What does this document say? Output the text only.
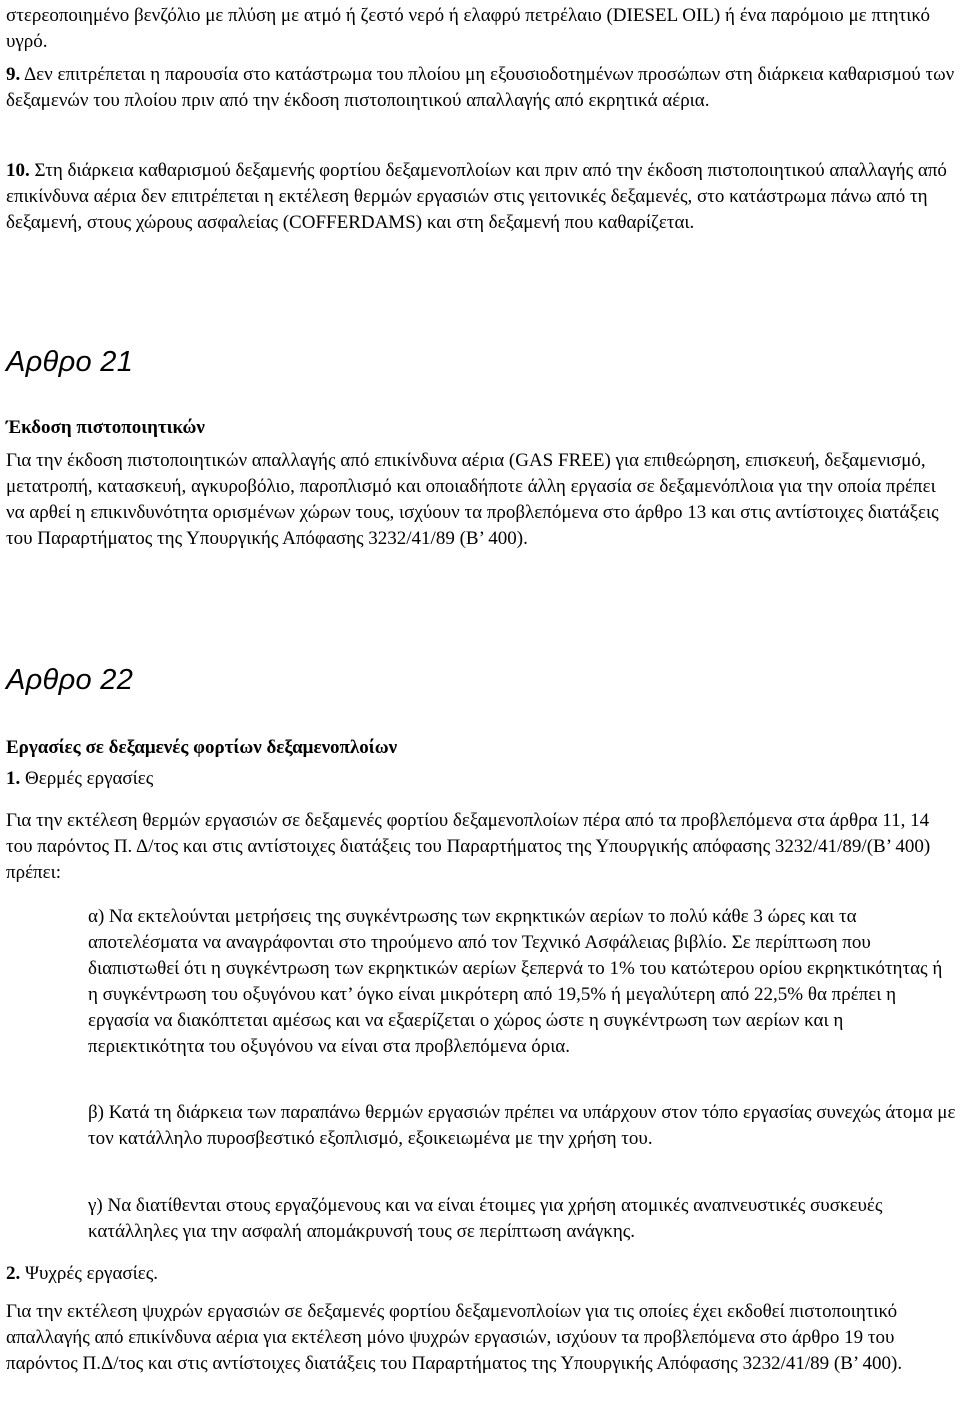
στερεοποιημένο βενζόλιο με πλύση με ατμό ή ζεστό νερό ή ελαφρύ πετρέλαιο (DIESEL OIL) ή ένα παρόμοιο με πτητικό υγρό.

9. Δεν επιτρέπεται η παρουσία στο κατάστρωμα του πλοίου μη εξουσιοδοτημένων προσώπων στη διάρκεια καθαρισμού των δεξαμενών του πλοίου πριν από την έκδοση πιστοποιητικού απαλλαγής από εκρητικά αέρια.

10. Στη διάρκεια καθαρισμού δεξαμενής φορτίου δεξαμενοπλοίων και πριν από την έκδοση πιστοποιητικού απαλλαγής από επικίνδυνα αέρια δεν επιτρέπεται η εκτέλεση θερμών εργασιών στις γειτονικές δεξαμενές, στο κατάστρωμα πάνω από τη δεξαμενή, στους χώρους ασφαλείας (COFFERDAMS) και στη δεξαμενή που καθαρίζεται.

Αρθρο 21

Έκδοση πιστοποιητικών

Για την έκδοση πιστοποιητικών απαλλαγής από επικίνδυνα αέρια (GAS FREE) για επιθεώρηση, επισκευή, δεξαμενισμό, μετατροπή, κατασκευή, αγκυροβόλιο, παροπλισμό και οποιαδήποτε άλλη εργασία σε δεξαμενόπλοια για την οποία πρέπει να αρθεί η επικινδυνότητα ορισμένων χώρων τους, ισχύουν τα προβλεπόμενα στο άρθρο 13 και στις αντίστοιχες διατάξεις του Παραρτήματος της Υπουργικής Απόφασης 3232/41/89 (Β’ 400).

Αρθρο 22

Εργασίες σε δεξαμενές φορτίων δεξαμενοπλοίων

1. Θερμές εργασίες

Για την εκτέλεση θερμών εργασιών σε δεξαμενές φορτίου δεξαμενοπλοίων πέρα από τα προβλεπόμενα στα άρθρα 11, 14 του παρόντος Π. Δ/τος και στις αντίστοιχες διατάξεις του Παραρτήματος της Υπουργικής απόφασης 3232/41/89/(Β’ 400) πρέπει:

α) Να εκτελούνται μετρήσεις της συγκέντρωσης των εκρηκτικών αερίων το πολύ κάθε 3 ώρες και τα αποτελέσματα να αναγράφονται στο τηρούμενο από τον Τεχνικό Ασφάλειας βιβλίο. Σε περίπτωση που διαπιστωθεί ότι η συγκέντρωση των εκρηκτικών αερίων ξεπερνά το 1% του κατώτερου ορίου εκρηκτικότητας ή η συγκέντρωση του οξυγόνου κατ’ όγκο είναι μικρότερη από 19,5% ή μεγαλύτερη από 22,5% θα πρέπει η εργασία να διακόπτεται αμέσως και να εξαερίζεται ο χώρος ώστε η συγκέντρωση των αερίων και η περιεκτικότητα του οξυγόνου να είναι στα προβλεπόμενα όρια.

β) Κατά τη διάρκεια των παραπάνω θερμών εργασιών πρέπει να υπάρχουν στον τόπο εργασίας συνεχώς άτομα με τον κατάλληλο πυροσβεστικό εξοπλισμό, εξοικειωμένα με την χρήση του.

γ) Να διατίθενται στους εργαζόμενους και να είναι έτοιμες για χρήση ατομικές αναπνευστικές συσκευές κατάλληλες για την ασφαλή απομάκρυνσή τους σε περίπτωση ανάγκης.

2. Ψυχρές εργασίες.

Για την εκτέλεση ψυχρών εργασιών σε δεξαμενές φορτίου δεξαμενοπλοίων για τις οποίες έχει εκδοθεί πιστοποιητικό απαλλαγής από επικίνδυνα αέρια για εκτέλεση μόνο ψυχρών εργασιών, ισχύουν τα προβλεπόμενα στο άρθρο 19 του παρόντος Π.Δ/τος και στις αντίστοιχες διατάξεις του Παραρτήματος της Υπουργικής Απόφασης 3232/41/89 (Β’ 400).
